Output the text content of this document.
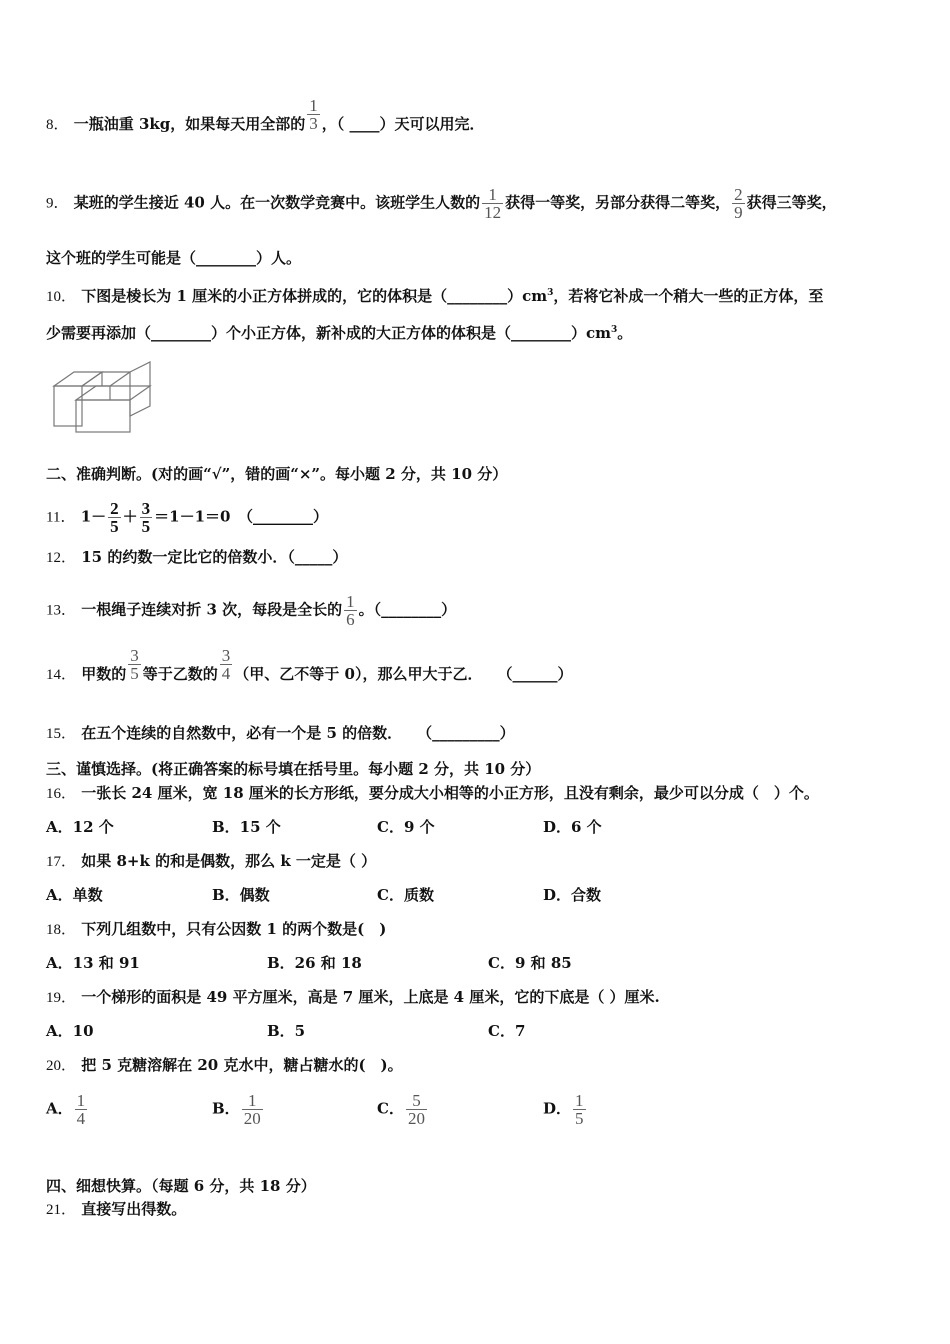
8． 一瓶油重 3kg，如果每天用全部的 $\frac{1}{3}$ ，（ ____）天可以用完．
9． 某班的学生接近 40 人。在一次数学竞赛中。该班学生人数的 $\frac{1}{12}$ 获得一等奖，另部分获得二等奖， $\frac{2}{9}$ 获得三等奖，
这个班的学生可能是（________）人。
10． 下图是棱长为 1 厘米的小正方体拼成的，它的体积是$(\_\_\_\_\_\_\_\_)cm^3$，若将它补成一个稍大一些的正方体，至
少需要再添加（________）个小正方体，新补成的大正方体的体积是$(\_\_\_\_\_\_\_\_)cm^3$。
二、准确判断。(对的画“√”，错的画“×”。每小题 2 分，共 10 分）
11． $1- \frac{2}{5} + \frac{3}{5} =1-1=0$　（________）
12． 15 的约数一定比它的倍数小．（_____）
13． 一根绳子连续对折 3 次，每段是全长的 $\frac{1}{6}$ 。（________）
14． 甲数的 $\frac{3}{5}$ 等于乙数的 $\frac{3}{4}$ （甲、乙不等于 0），那么甲大于乙．　　（______）
15． 在五个连续的自然数中，必有一个是 5 的倍数．　　（_________）
三、谨慎选择。(将正确答案的标号填在括号里。每小题 2 分，共 10 分）
16． 一张长 24 厘米，宽 18 厘米的长方形纸，要分成大小相等的小正方形，且没有剩余，最少可以分成（　）个。
A．12 个	B．15 个	C．9 个	D．6 个
17． 如果 8+k 的和是偶数，那么 k 一定是（ ）
A．单数	B．偶数	C．质数	D．合数
18． 下列几组数中，只有公因数 1 的两个数是(　)
A．13 和 91	B．26 和 18	C．9 和 85
19． 一个梯形的面积是 49 平方厘米，高是 7 厘米，上底是 4 厘米，它的下底是（ ）厘米.
A．10	B．5	C．7
20． 把 5 克糖溶解在 20 克水中，糖占糖水的(　)。
A． $\frac{1}{4}$	B． $\frac{1}{20}$	C． $\frac{5}{20}$	D． $\frac{1}{5}$
四、细想快算。（每题 6 分，共 18 分）
21． 直接写出得数。
